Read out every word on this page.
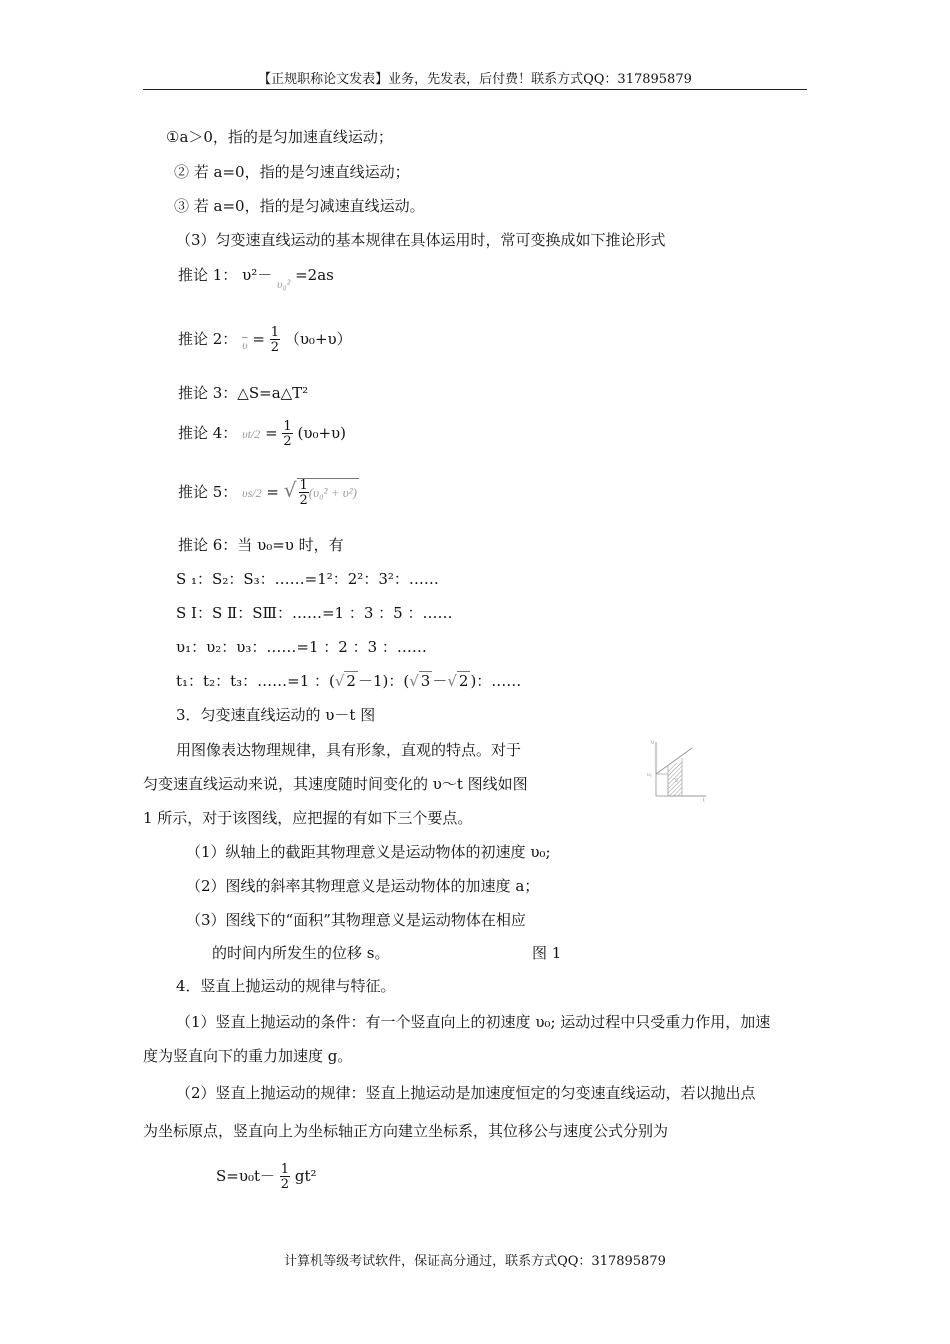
【正规职称论文发表】业务，先发表，后付费！联系方式QQ：317895879
①a＞0，指的是匀加速直线运动；
② 若 a=0，指的是匀速直线运动；
③ 若 a=0，指的是匀减速直线运动。
（3）匀变速直线运动的基本规律在具体运用时，常可变换成如下推论形式
推论 1： υ²－ $_{\upsilon_0^2}$ =2as
推论 2： $_{\overline{\upsilon}} = \frac{1}{2} (\upsilon_0+\upsilon)$
推论 3：△S=a△T²
推论 4： $\upsilon t/2 = \frac{1}{2} (\upsilon_0+\upsilon)$
推论 5： υs/2 = √ $\frac{1}{2} (\upsilon_0^2 + \upsilon^2)$
推论 6：当 υ₀=υ 时，有
S ₁：S₂：S₃：……=1²：2²：3²：……
S Ⅰ：S Ⅱ：SⅢ：……=1 ：3 ：5 ：……
υ₁：υ₂：υ₃：……=1 ：2 ：3 ：……
t₁：t₂：t₃：……=1 ：(√ 2 －1)：(√ 3 －√ 2 )：……
3．匀变速直线运动的 υ－t 图
用图像表达物理规律，具有形象，直观的特点。对于
匀变速直线运动来说，其速度随时间变化的 υ～t 图线如图
1 所示，对于该图线，应把握的有如下三个要点。
υ
t
υ₀
s
（1）纵轴上的截距其物理意义是运动物体的初速度 υ₀;
（2）图线的斜率其物理意义是运动物体的加速度 a；
（3）图线下的“面积”其物理意义是运动物体在相应
的时间内所发生的位移 s。	图 1
4．竖直上抛运动的规律与特征。
（1）竖直上抛运动的条件：有一个竖直向上的初速度 υ₀; 运动过程中只受重力作用，加速
度为竖直向下的重力加速度 g。
（2）竖直上抛运动的规律：竖直上抛运动是加速度恒定的匀变速直线运动，若以抛出点
为坐标原点，竖直向上为坐标轴正方向建立坐标系，其位移公与速度公式分别为
$S=\upsilon_0t- \frac{1}{2} gt^2$
计算机等级考试软件，保证高分通过，联系方式QQ：317895879
